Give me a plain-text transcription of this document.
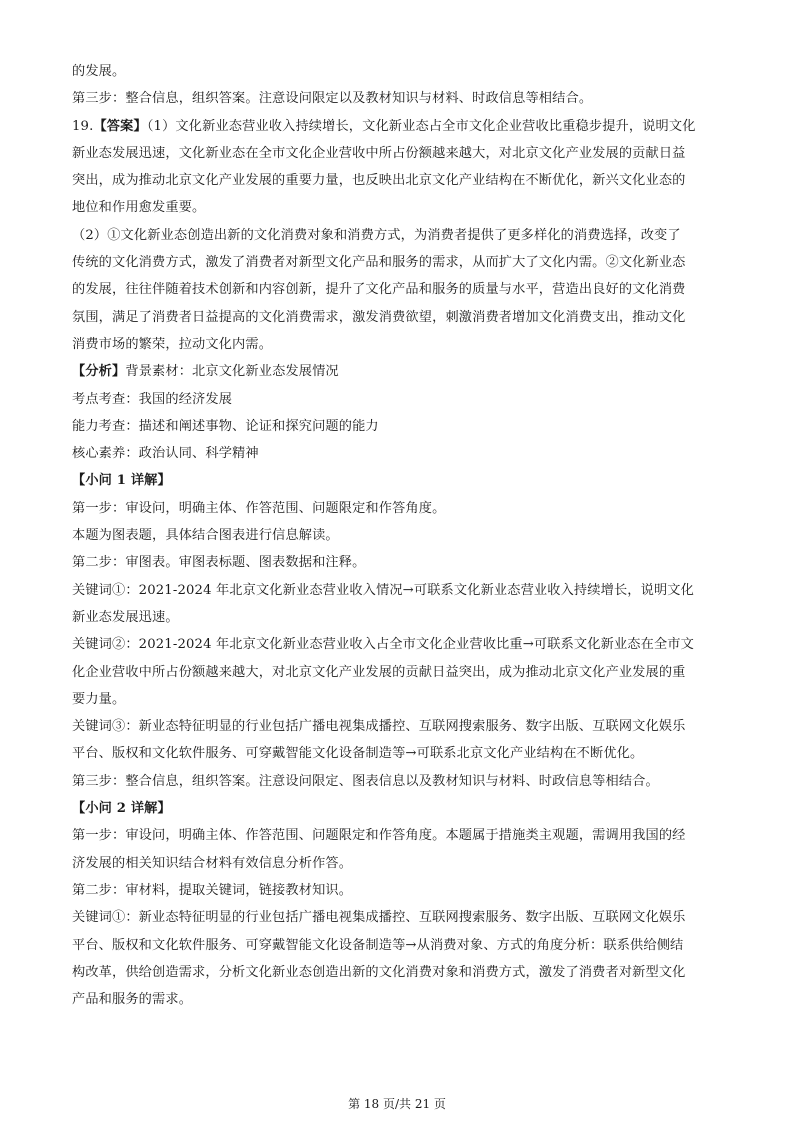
的发展。
第三步：整合信息，组织答案。注意设问限定以及教材知识与材料、时政信息等相结合。
19.【答案】（1）文化新业态营业收入持续增长，文化新业态占全市文化企业营收比重稳步提升，说明文化
新业态发展迅速，文化新业态在全市文化企业营收中所占份额越来越大，对北京文化产业发展的贡献日益
突出，成为推动北京文化产业发展的重要力量，也反映出北京文化产业结构在不断优化，新兴文化业态的
地位和作用愈发重要。
（2）①文化新业态创造出新的文化消费对象和消费方式，为消费者提供了更多样化的消费选择，改变了
传统的文化消费方式，激发了消费者对新型文化产品和服务的需求，从而扩大了文化内需。②文化新业态
的发展，往往伴随着技术创新和内容创新，提升了文化产品和服务的质量与水平，营造出良好的文化消费
氛围，满足了消费者日益提高的文化消费需求，激发消费欲望，刺激消费者增加文化消费支出，推动文化
消费市场的繁荣，拉动文化内需。
【分析】背景素材：北京文化新业态发展情况
考点考查：我国的经济发展
能力考查：描述和阐述事物、论证和探究问题的能力
核心素养：政治认同、科学精神
【小问 1 详解】
第一步：审设问，明确主体、作答范围、问题限定和作答角度。
本题为图表题，具体结合图表进行信息解读。
第二步：审图表。审图表标题、图表数据和注释。
关键词①：2021-2024 年北京文化新业态营业收入情况→可联系文化新业态营业收入持续增长，说明文化
新业态发展迅速。
关键词②：2021-2024 年北京文化新业态营业收入占全市文化企业营收比重→可联系文化新业态在全市文
化企业营收中所占份额越来越大，对北京文化产业发展的贡献日益突出，成为推动北京文化产业发展的重
要力量。
关键词③：新业态特征明显的行业包括广播电视集成播控、互联网搜索服务、数字出版、互联网文化娱乐
平台、版权和文化软件服务、可穿戴智能文化设备制造等→可联系北京文化产业结构在不断优化。
第三步：整合信息，组织答案。注意设问限定、图表信息以及教材知识与材料、时政信息等相结合。
【小问 2 详解】
第一步：审设问，明确主体、作答范围、问题限定和作答角度。本题属于措施类主观题，需调用我国的经
济发展的相关知识结合材料有效信息分析作答。
第二步：审材料，提取关键词，链接教材知识。
关键词①：新业态特征明显的行业包括广播电视集成播控、互联网搜索服务、数字出版、互联网文化娱乐
平台、版权和文化软件服务、可穿戴智能文化设备制造等→从消费对象、方式的角度分析：联系供给侧结
构改革，供给创造需求，分析文化新业态创造出新的文化消费对象和消费方式，激发了消费者对新型文化
产品和服务的需求。
第 18 页/共 21 页
